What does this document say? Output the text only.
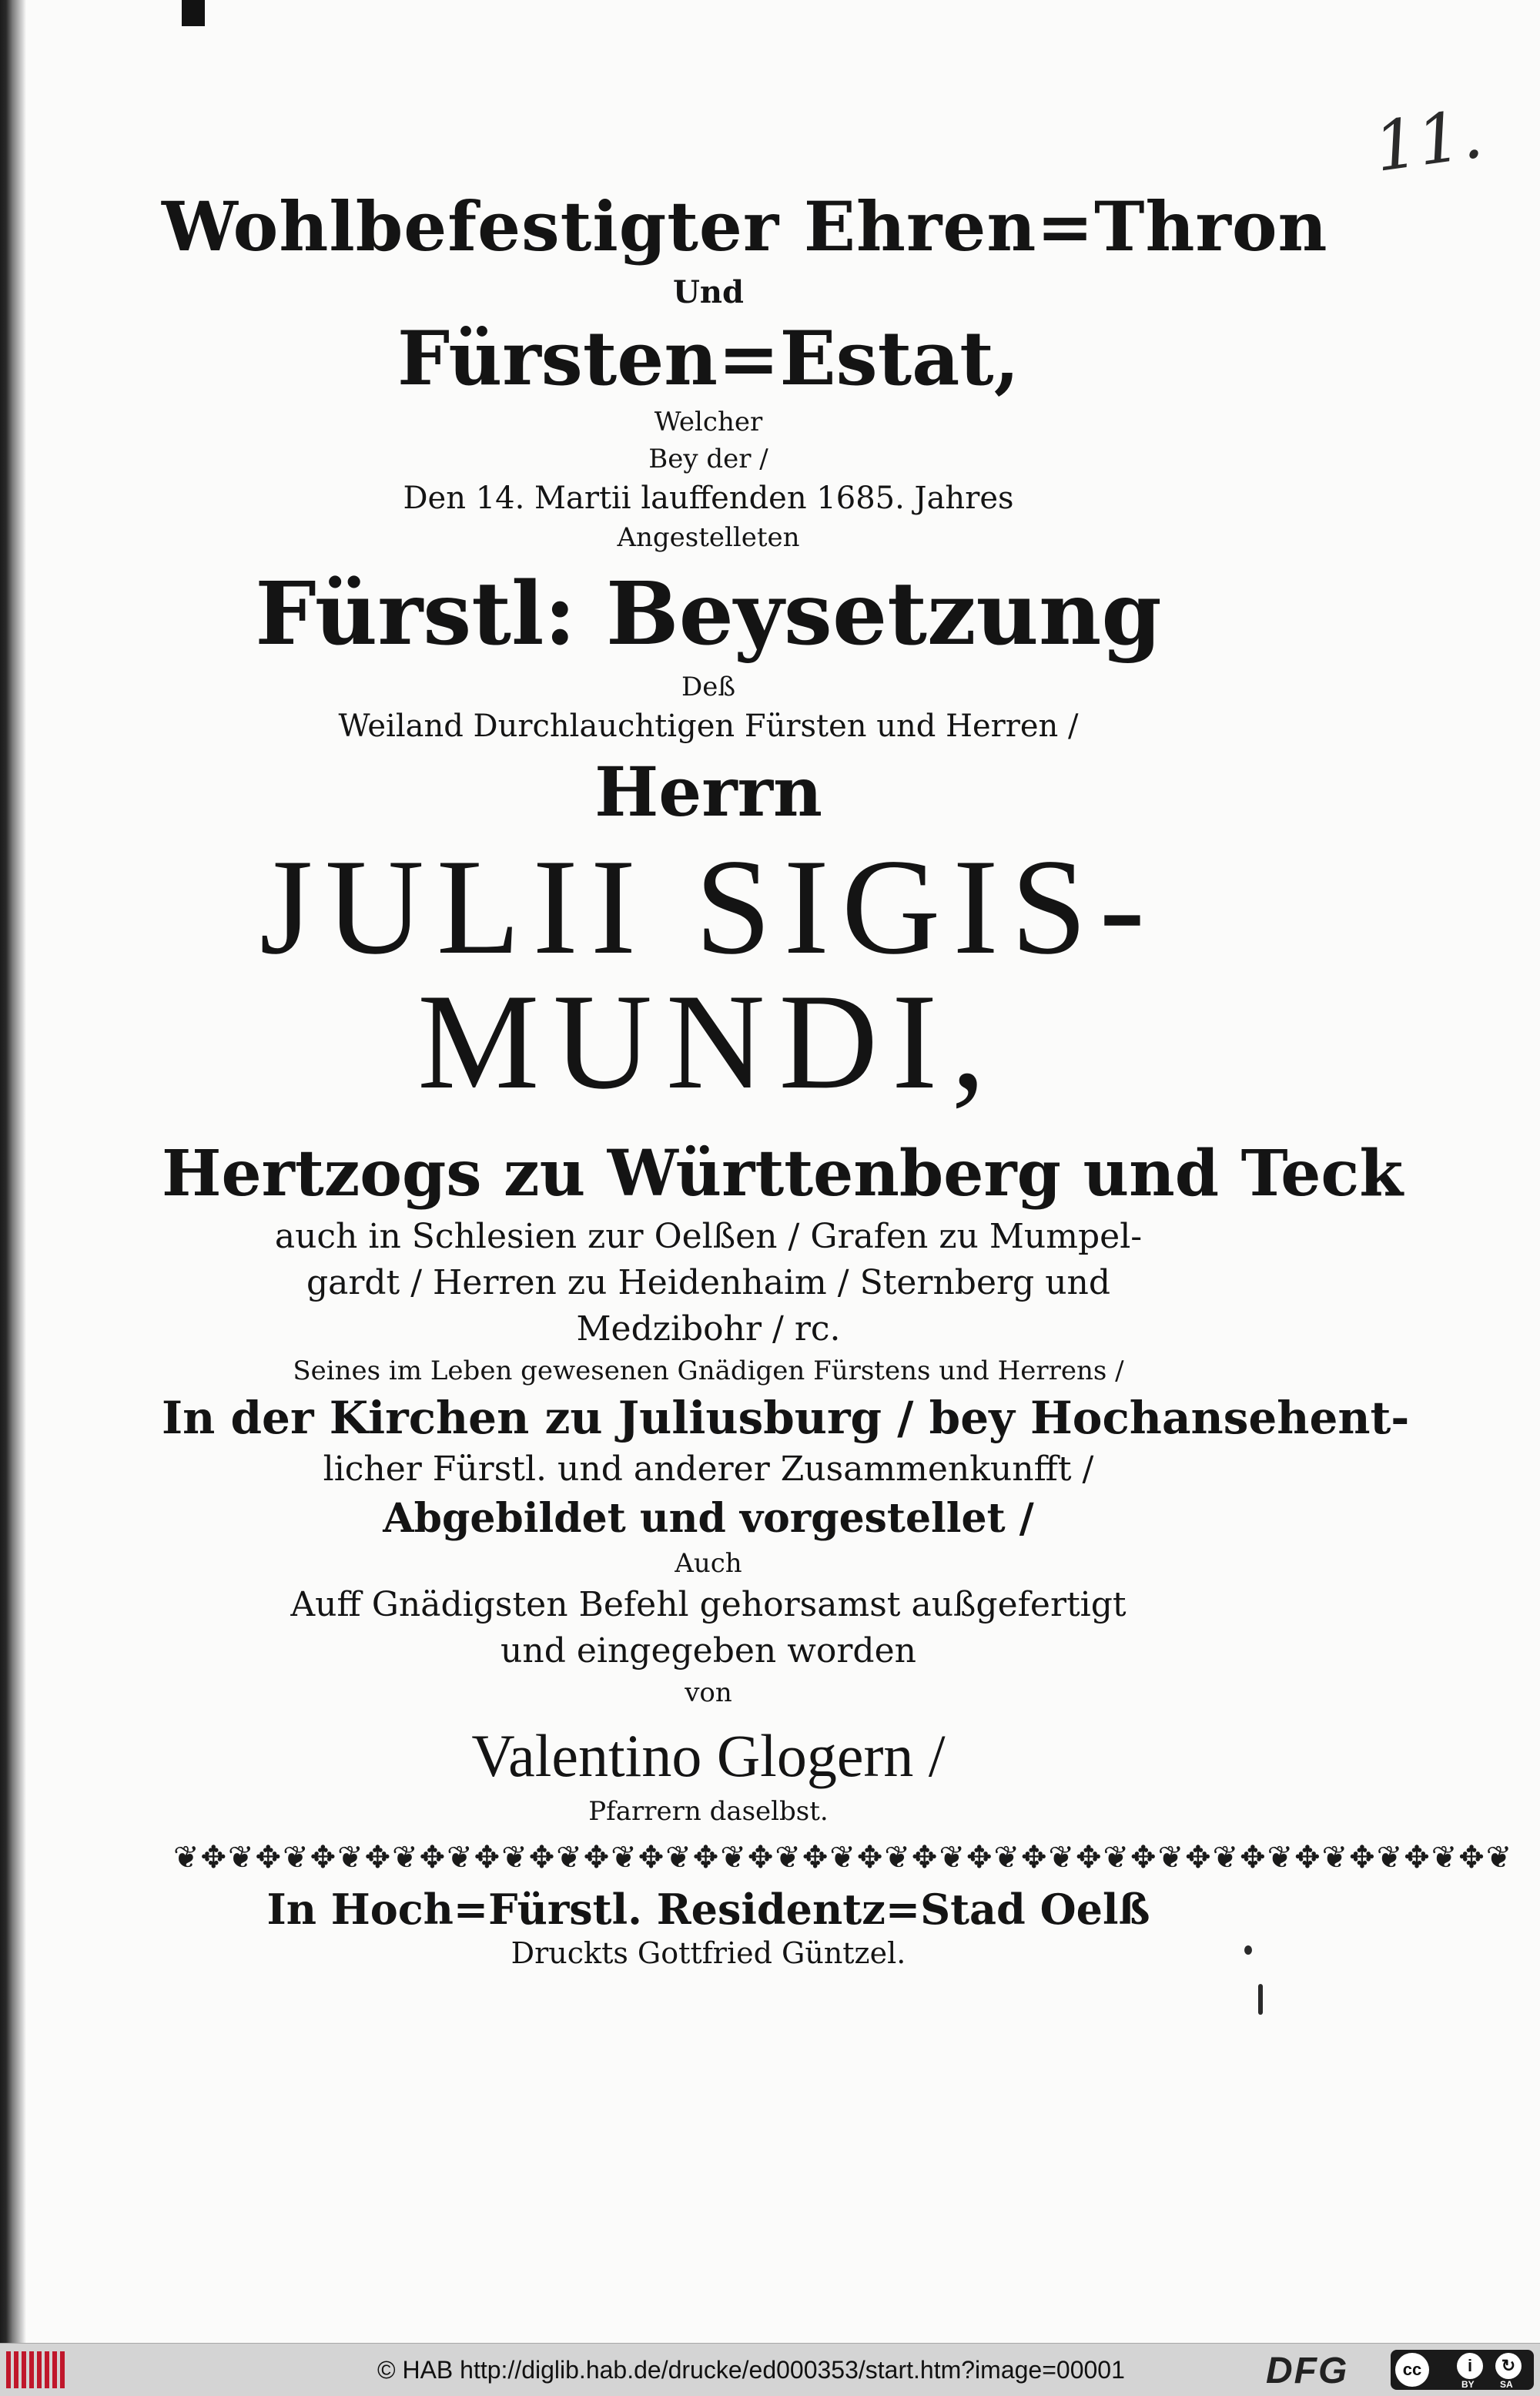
11.
Wohlbefestigter Ehren=Thron
Und
Fürsten=Estat,
Welcher
Bey der /
Den 14. Martii lauffenden 1685. Jahres
Angestelleten
Fürstl: Beysetzung
Deß
Weiland Durchlauchtigen Fürsten und Herren /
Herrn
JULII SIGIS-
MUNDI,
Hertzogs zu Württenberg und Teck
auch in Schlesien zur Oelßen / Grafen zu Mumpel-
gardt / Herren zu Heidenhaim / Sternberg und
Medzibohr / rc.
Seines im Leben gewesenen Gnädigen Fürstens und Herrens /
In der Kirchen zu Juliusburg / bey Hochansehent-
licher Fürstl. und anderer Zusammenkunfft /
Abgebildet und vorgestellet /
Auch
Auff Gnädigsten Befehl gehorsamst außgefertigt
und eingegeben worden
von
Valentino Glogern /
Pfarrern daselbst.
❦✥❦✥❦✥❦✥❦✥❦✥❦✥❦✥❦✥❦✥❦✥❦✥❦✥❦✥❦✥❦✥❦✥❦✥❦✥❦✥❦✥❦✥❦✥❦✥❦
In Hoch=Fürstl. Residentz=Stad Oelß
Druckts Gottfried Güntzel.
© HAB http://diglib.hab.de/drucke/ed000353/start.htm?image=00001	DFG	cc	i	↻
BY	SA
